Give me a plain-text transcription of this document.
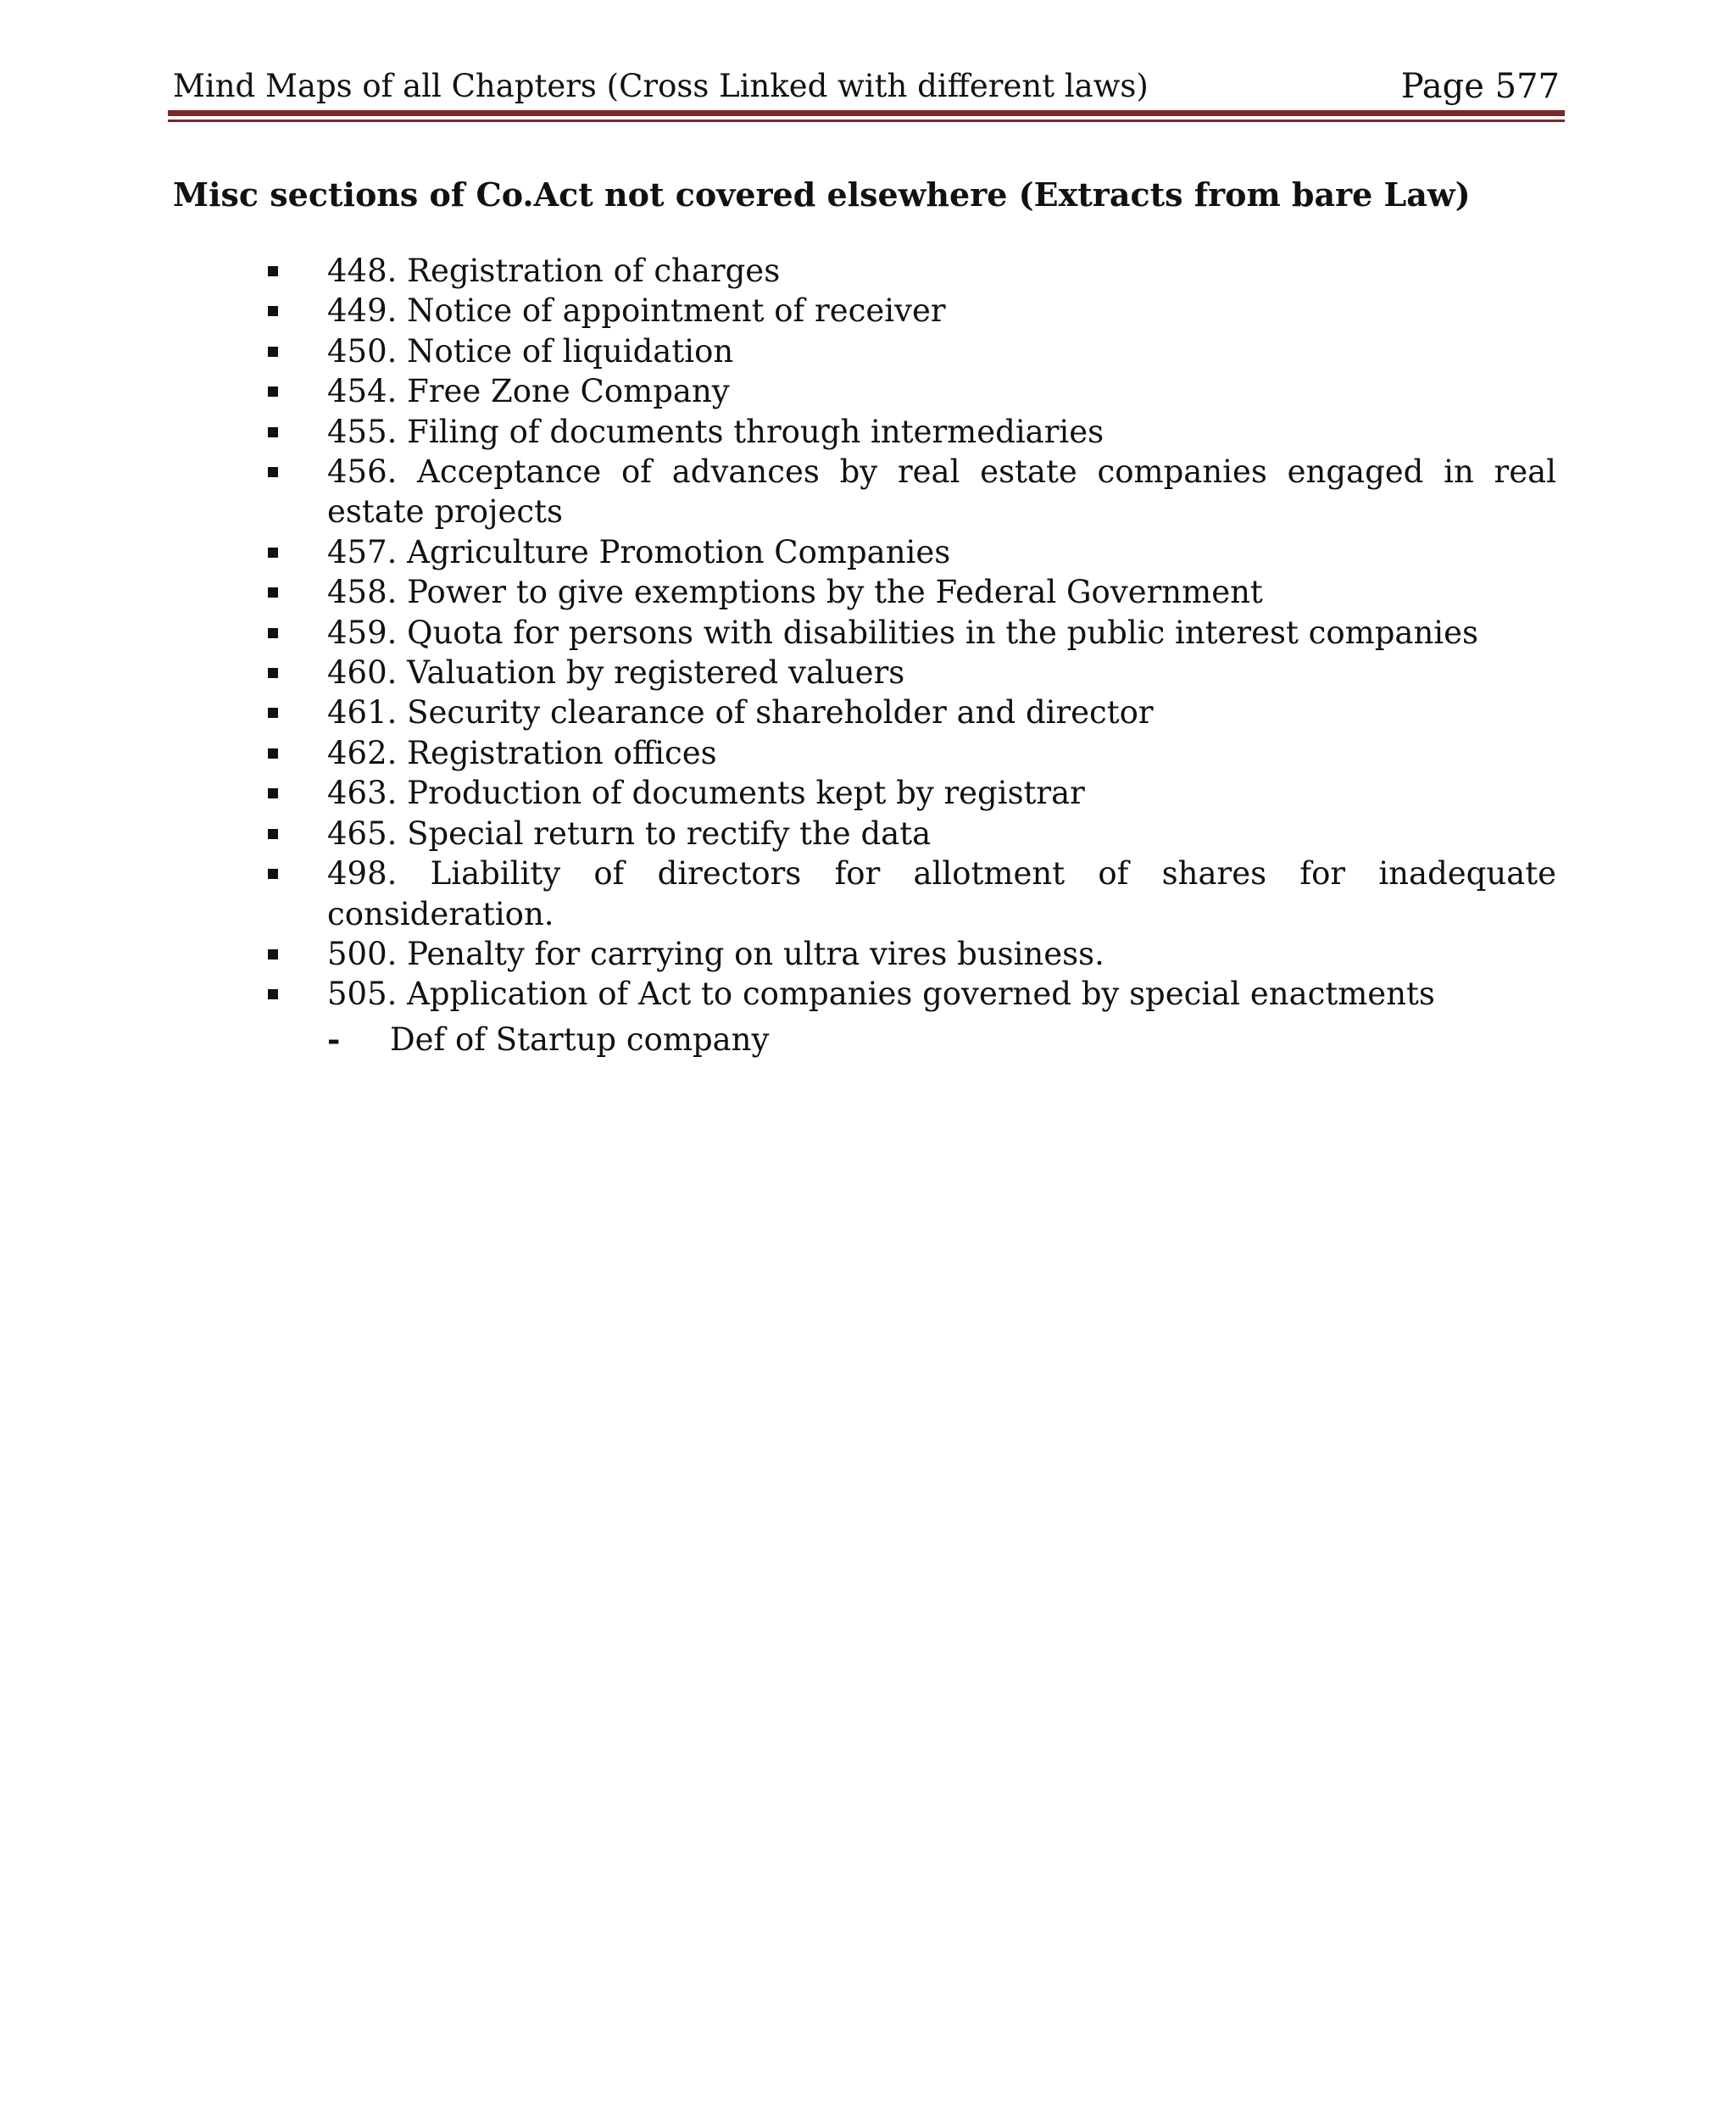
Mind Maps of all Chapters (Cross Linked with different laws)	Page 577
Misc sections of Co.Act not covered elsewhere (Extracts from bare Law)
448. Registration of charges
449. Notice of appointment of receiver
450. Notice of liquidation
454. Free Zone Company
455. Filing of documents through intermediaries
456. Acceptance of advances by real estate companies engaged in real estate projects
457. Agriculture Promotion Companies
458. Power to give exemptions by the Federal Government
459. Quota for persons with disabilities in the public interest companies
460. Valuation by registered valuers
461. Security clearance of shareholder and director
462. Registration offices
463. Production of documents kept by registrar
465. Special return to rectify the data
498. Liability of directors for allotment of shares for inadequate consideration.
500. Penalty for carrying on ultra vires business.
505. Application of Act to companies governed by special enactments
- Def of Startup company
